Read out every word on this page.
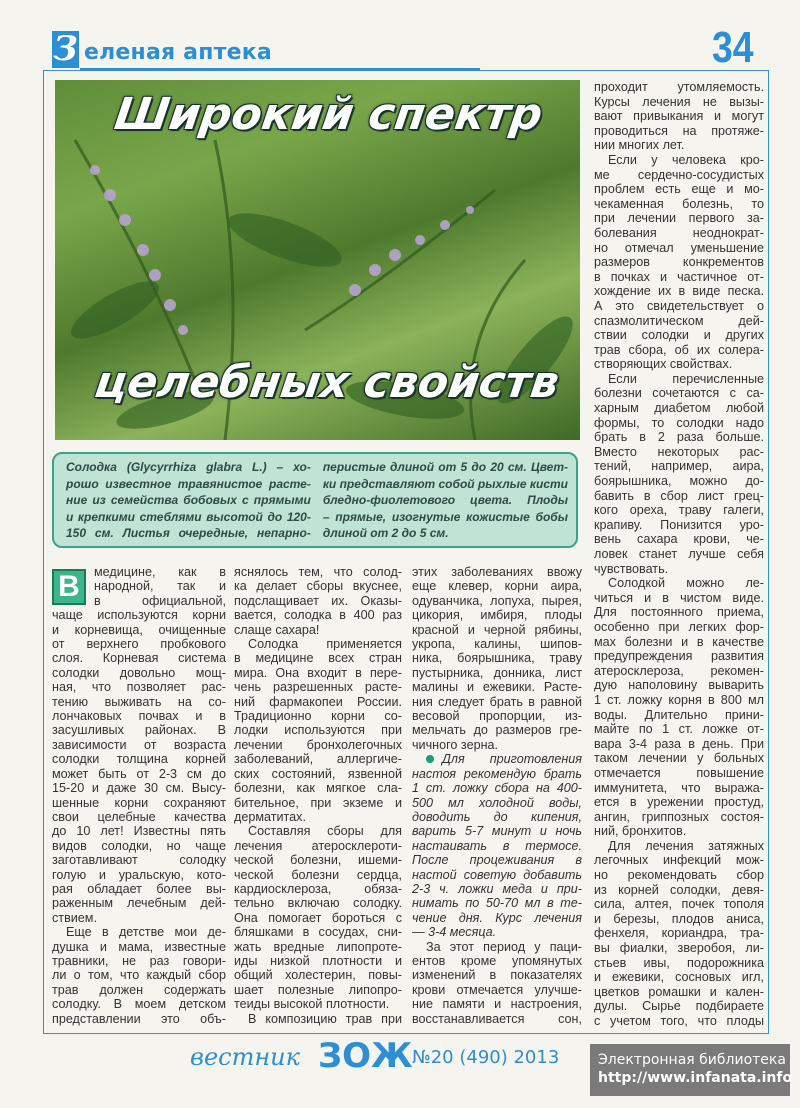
З еленая аптека	34
Широкий спектр
целебных свойств
Солодка (Glycyrrhiza glabra L.) – хо-
рошо известное травянистое расте-
ние из семейства бобовых с прямыми
и крепкими стеблями высотой до 120-
150 см. Листья очередные, непарно-
перистые длиной от 5 до 20 см. Цвет-
ки представляют собой рыхлые кисти
бледно-фиолетового цвета. Плоды
– прямые, изогнутые кожистые бобы
длиной от 2 до 5 см.
В	медицине, как в
народной, так и
в официальной,
чаще используются корни
и корневища, очищенные
от верхнего пробкового
слоя. Корневая система
солодки довольно мощ-
ная, что позволяет рас-
тению выживать на со-
лончаковых почвах и в
засушливых районах. В
зависимости от возраста
солодки толщина корней
может быть от 2-3 см до
15-20 и даже 30 см. Высу-
шенные корни сохраняют
свои целебные качества
до 10 лет! Известны пять
видов солодки, но чаще
заготавливают солодку
голую и уральскую, кото-
рая обладает более вы-
раженным лечебным дей-
ствием.
Еще в детстве мои де-
душка и мама, известные
травники, не раз говори-
ли о том, что каждый сбор
трав должен содержать
солодку. В моем детском
представлении это объ-
яснялось тем, что солод-
ка делает сборы вкуснее,
подслащивает их. Оказы-
вается, солодка в 400 раз
слаще сахара!
Солодка применяется
в медицине всех стран
мира. Она входит в пере-
чень разрешенных расте-
ний фармакопеи России.
Традиционно корни со-
лодки используются при
лечении бронхолегочных
заболеваний, аллергиче-
ских состояний, язвенной
болезни, как мягкое сла-
бительное, при экземе и
дерматитах.
Составляя сборы для
лечения атеросклероти-
ческой болезни, ишеми-
ческой болезни сердца,
кардиосклероза, обяза-
тельно включаю солодку.
Она помогает бороться с
бляшками в сосудах, сни-
жать вредные липопроте-
иды низкой плотности и
общий холестерин, повы-
шает полезные липопро-
теиды высокой плотности.
В композицию трав при
этих заболеваниях ввожу
еще клевер, корни аира,
одуванчика, лопуха, пырея,
цикория, имбиря, плоды
красной и черной рябины,
укропа, калины, шипов-
ника, боярышника, траву
пустырника, донника, лист
малины и ежевики. Расте-
ния следует брать в равной
весовой пропорции, из-
мельчать до размеров гре-
чичного зерна.
Для приготовления
настоя рекомендую брать
1 ст. ложку сбора на 400-
500 мл холодной воды,
доводить до кипения,
варить 5-7 минут и ночь
настаивать в термосе.
После процеживания в
настой советую добавить
2-3 ч. ложки меда и при-
нимать по 50-70 мл в те-
чение дня. Курс лечения
— 3-4 месяца.
За этот период у паци-
ентов кроме упомянутых
изменений в показателях
крови отмечается улучше-
ние памяти и настроения,
восстанавливается сон,
проходит утомляемость.
Курсы лечения не вызы-
вают привыкания и могут
проводиться на протяже-
нии многих лет.
Если у человека кро-
ме сердечно-сосудистых
проблем есть еще и мо-
чекаменная болезнь, то
при лечении первого за-
болевания неоднократ-
но отмечал уменьшение
размеров конкрементов
в почках и частичное от-
хождение их в виде песка.
А это свидетельствует о
спазмолитическом дей-
ствии солодки и других
трав сбора, об их солера-
створяющих свойствах.
Если перечисленные
болезни сочетаются с са-
харным диабетом любой
формы, то солодки надо
брать в 2 раза больше.
Вместо некоторых рас-
тений, например, аира,
боярышника, можно до-
бавить в сбор лист грец-
кого ореха, траву галеги,
крапиву. Понизится уро-
вень сахара крови, че-
ловек станет лучше себя
чувствовать.
Солодкой можно ле-
читься и в чистом виде.
Для постоянного приема,
особенно при легких фор-
мах болезни и в качестве
предупреждения развития
атеросклероза, рекомен-
дую наполовину выварить
1 ст. ложку корня в 800 мл
воды. Длительно прини-
майте по 1 ст. ложке от-
вара 3-4 раза в день. При
таком лечении у больных
отмечается повышение
иммунитета, что выража-
ется в урежении простуд,
ангин, гриппозных состоя-
ний, бронхитов.
Для лечения затяжных
легочных инфекций мож-
но рекомендовать сбор
из корней солодки, девя-
сила, алтея, почек тополя
и березы, плодов аниса,
фенхеля, кориандра, тра-
вы фиалки, зверобоя, ли-
стьев ивы, подорожника
и ежевики, сосновых игл,
цветков ромашки и кален-
дулы. Сырье подбираете
с учетом того, что плоды
вестник ЗОЖ №20 (490) 2013	Электронная библиотека
http://www.infanata.info
